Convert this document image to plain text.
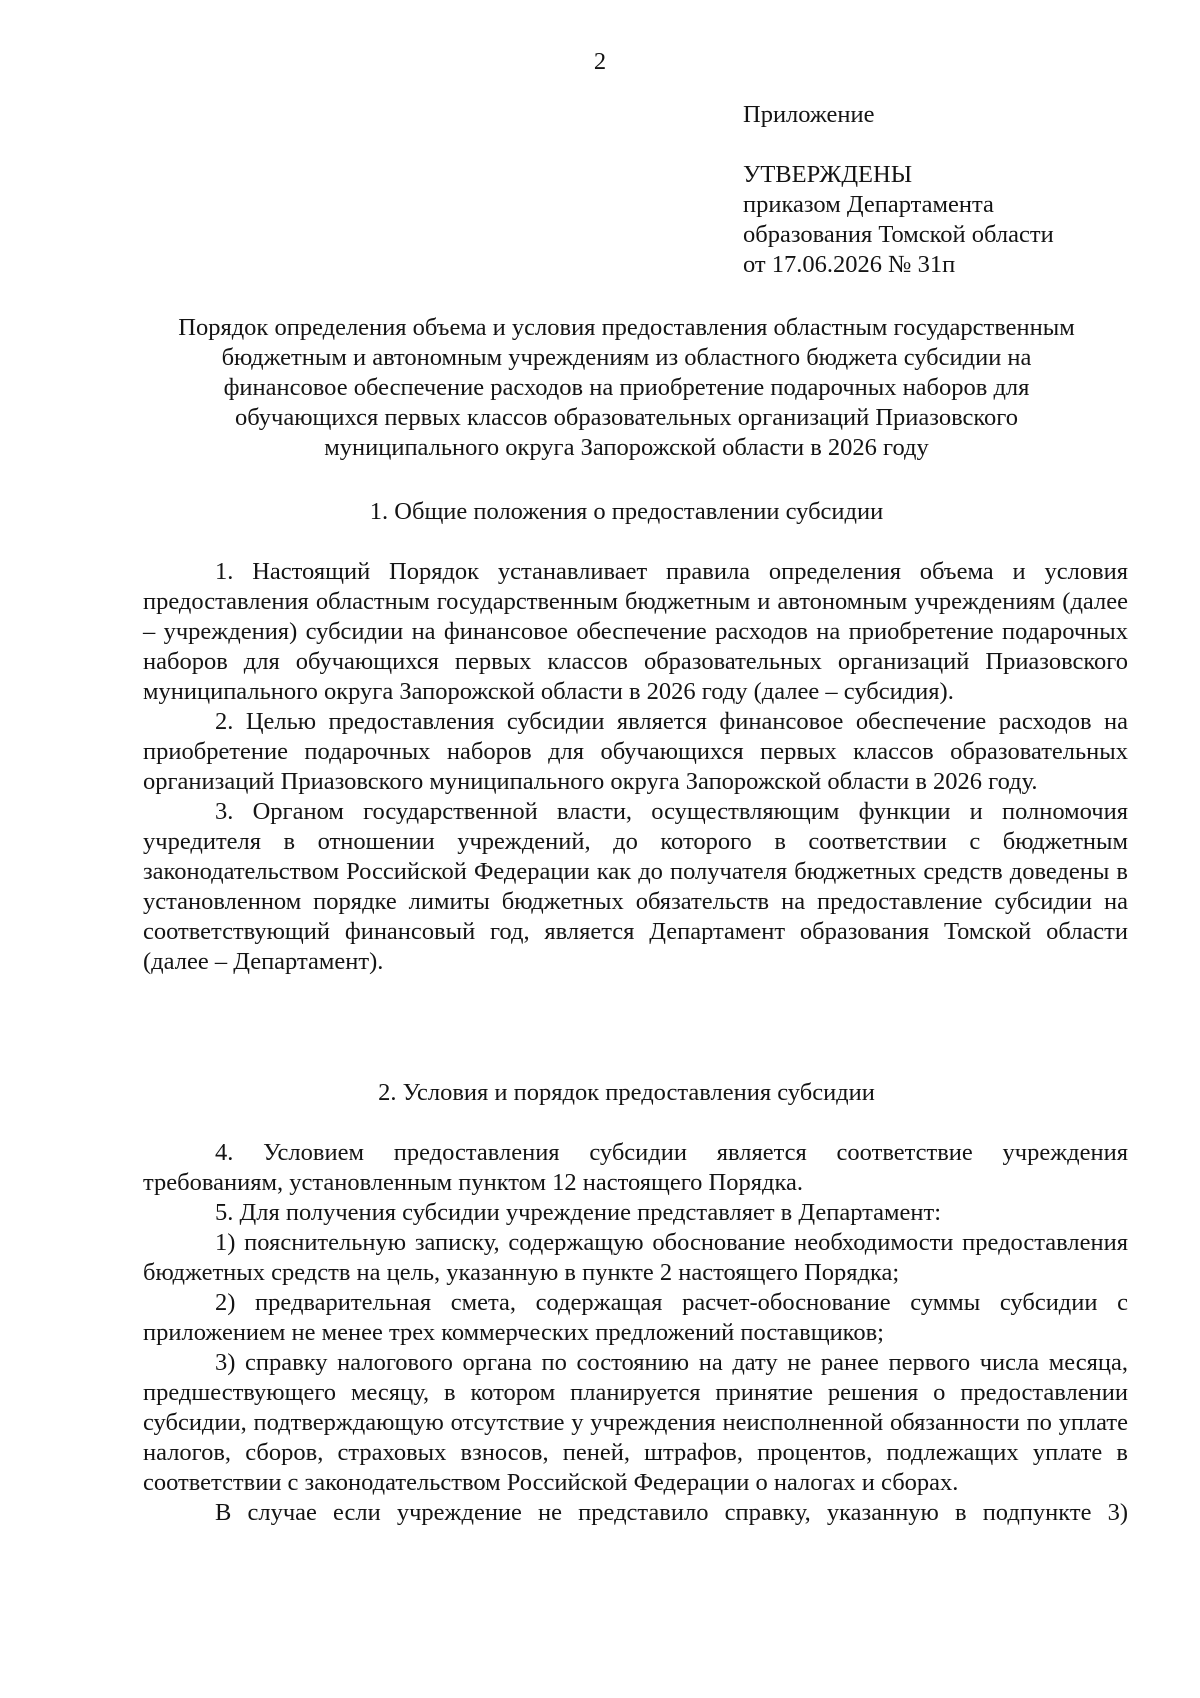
2
Приложение
УТВЕРЖДЕНЫ
приказом Департамента
образования Томской области
от 17.06.2026 № 31п
Порядок определения объема и условия предоставления областным государственным
бюджетным и автономным учреждениям из областного бюджета субсидии на
финансовое обеспечение расходов на приобретение подарочных наборов для
обучающихся первых классов образовательных организаций Приазовского
муниципального округа Запорожской области в 2026 году
1. Общие положения о предоставлении субсидии

1. Настоящий Порядок устанавливает правила определения объема и условия предоставления областным государственным бюджетным и автономным учреждениям (далее – учреждения) субсидии на финансовое обеспечение расходов на приобретение подарочных наборов для обучающихся первых классов образовательных организаций Приазовского муниципального округа Запорожской области в 2026 году (далее – субсидия).

2. Целью предоставления субсидии является финансовое обеспечение расходов на приобретение подарочных наборов для обучающихся первых классов образовательных организаций Приазовского муниципального округа Запорожской области в 2026 году.

3. Органом государственной власти, осуществляющим функции и полномочия учредителя в отношении учреждений, до которого в соответствии с бюджетным законодательством Российской Федерации как до получателя бюджетных средств доведены в установленном порядке лимиты бюджетных обязательств на предоставление субсидии на соответствующий финансовый год, является Департамент образования Томской области (далее – Департамент).

2. Условия и порядок предоставления субсидии

4. Условием предоставления субсидии является соответствие учреждения требованиям, установленным пунктом 12 настоящего Порядка.

5. Для получения субсидии учреждение представляет в Департамент:

1) пояснительную записку, содержащую обоснование необходимости предоставления бюджетных средств на цель, указанную в пункте 2 настоящего Порядка;

2) предварительная смета, содержащая расчет-обоснование суммы субсидии с приложением не менее трех коммерческих предложений поставщиков;

3) справку налогового органа по состоянию на дату не ранее первого числа месяца, предшествующего месяцу, в котором планируется принятие решения о предоставлении субсидии, подтверждающую отсутствие у учреждения неисполненной обязанности по уплате налогов, сборов, страховых взносов, пеней, штрафов, процентов, подлежащих уплате в соответствии с законодательством Российской Федерации о налогах и сборах.

В случае если учреждение не представило справку, указанную в подпункте 3)
